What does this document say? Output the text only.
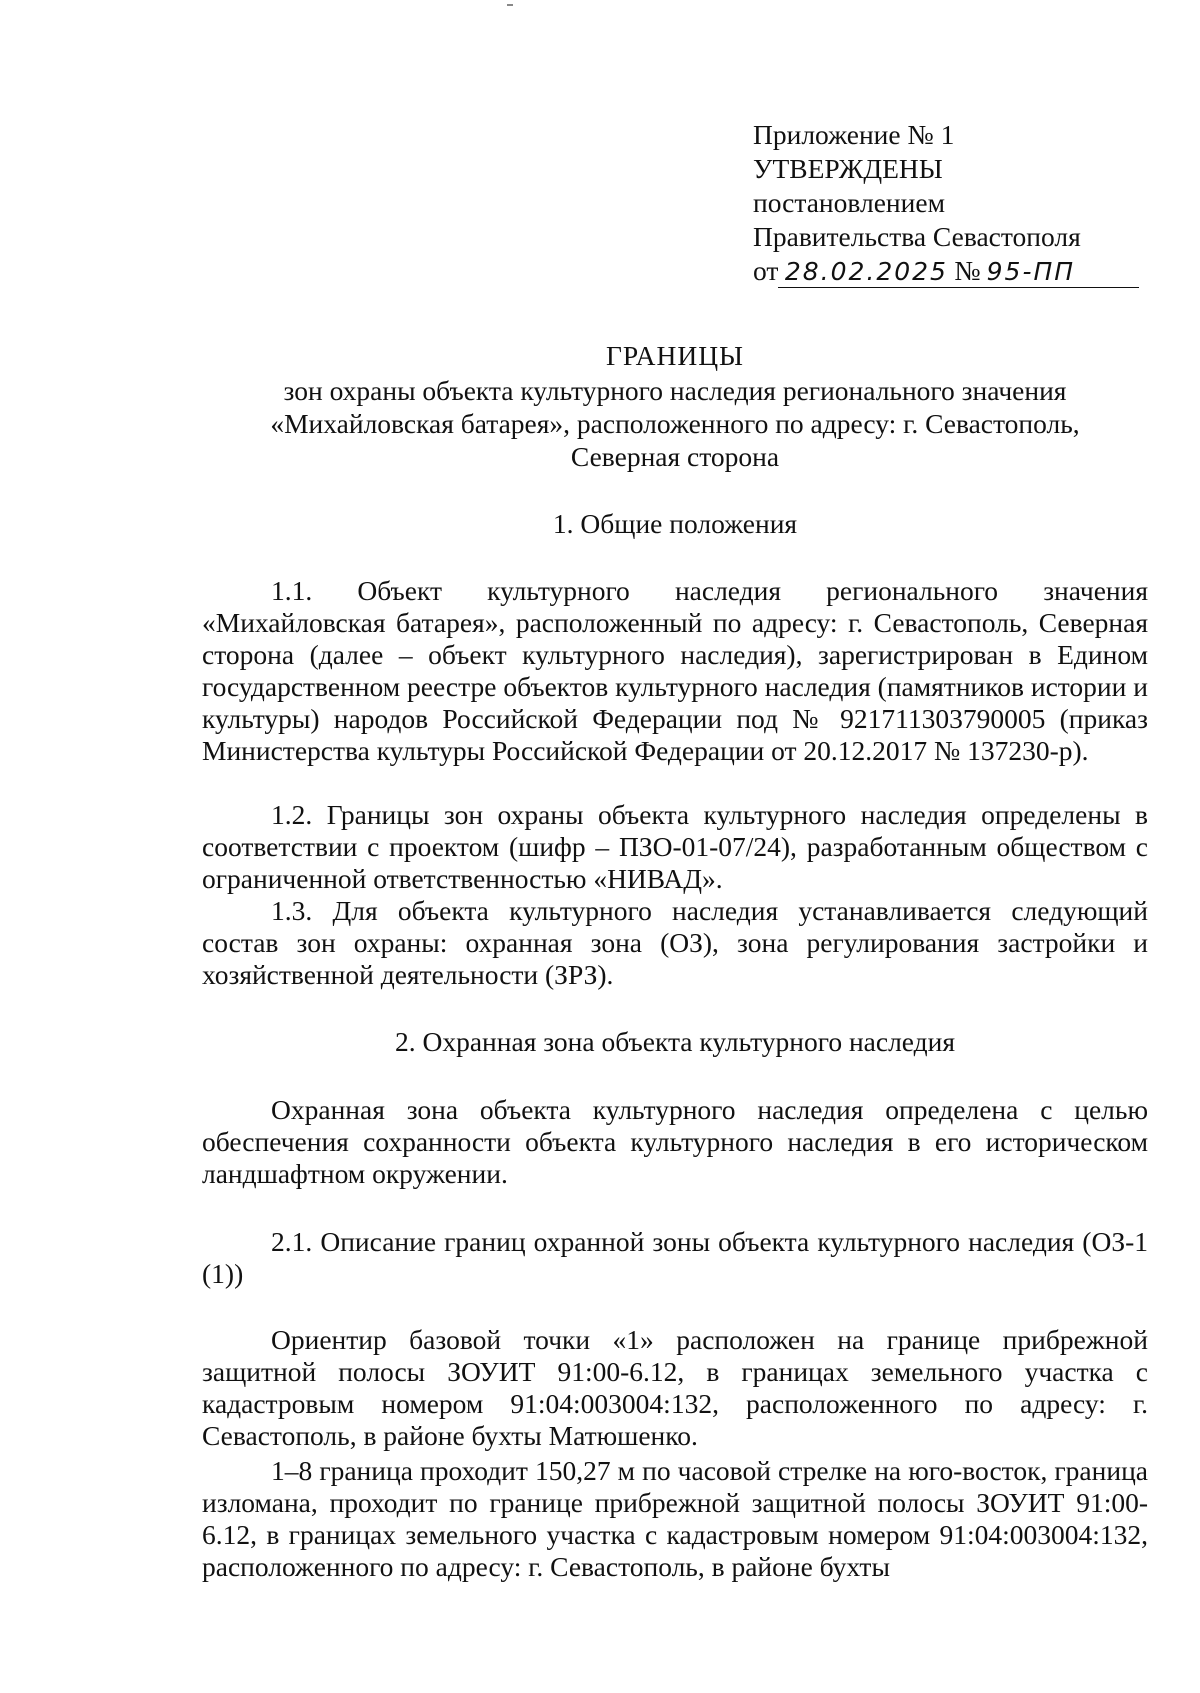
Приложение № 1
УТВЕРЖДЕНЫ
постановлением
Правительства Севастополя
от 28.02.2025 № 95-ПП
ГРАНИЦЫ
зон охраны объекта культурного наследия регионального значения
«Михайловская батарея», расположенного по адресу: г. Севастополь,
Северная сторона
1. Общие положения
1.1. Объект культурного наследия регионального значения
«Михайловская батарея», расположенный по адресу: г. Севастополь, Северная сторона (далее – объект культурного наследия), зарегистрирован в Едином государственном реестре объектов культурного наследия (памятников истории и культуры) народов Российской Федерации под № 921711303790005 (приказ Министерства культуры Российской Федерации от 20.12.2017 № 137230-р).
1.2. Границы зон охраны объекта культурного наследия определены в соответствии с проектом (шифр – ПЗО-01-07/24), разработанным обществом с ограниченной ответственностью «НИВАД».
1.3. Для объекта культурного наследия устанавливается следующий состав зон охраны: охранная зона (ОЗ), зона регулирования застройки и хозяйственной деятельности (ЗРЗ).
2. Охранная зона объекта культурного наследия
Охранная зона объекта культурного наследия определена с целью обеспечения сохранности объекта культурного наследия в его историческом ландшафтном окружении.
2.1. Описание границ охранной зоны объекта культурного наследия (ОЗ-1 (1))
Ориентир базовой точки «1» расположен на границе прибрежной защитной полосы ЗОУИТ 91:00-6.12, в границах земельного участка с кадастровым номером 91:04:003004:132, расположенного по адресу: г. Севастополь, в районе бухты Матюшенко.
1–8 граница проходит 150,27 м по часовой стрелке на юго-восток, граница изломана, проходит по границе прибрежной защитной полосы ЗОУИТ 91:00-6.12, в границах земельного участка с кадастровым номером 91:04:003004:132, расположенного по адресу: г. Севастополь, в районе бухты
